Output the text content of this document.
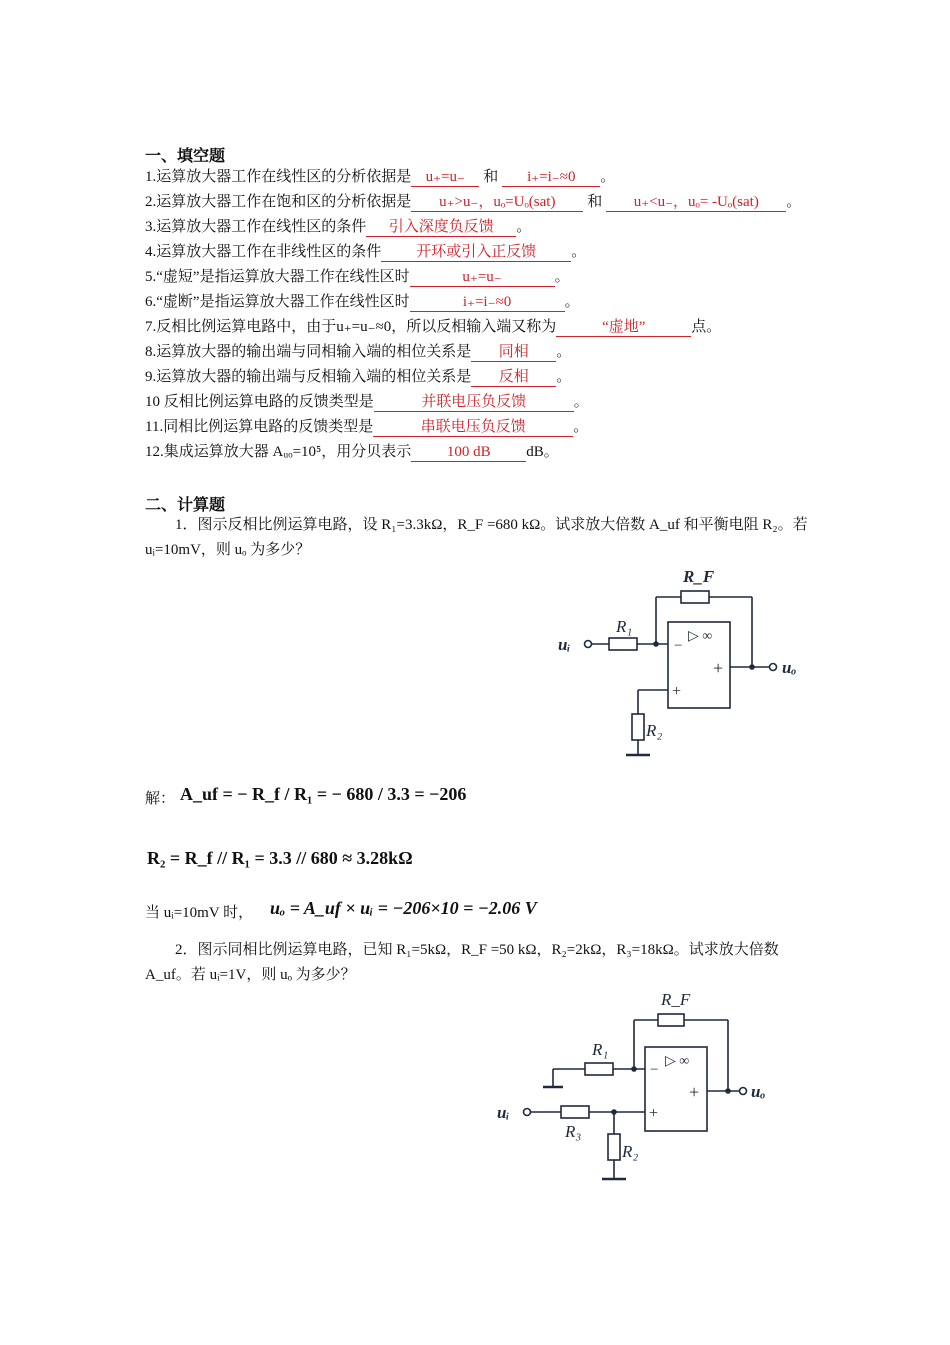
一、填空题
1.运算放大器工作在线性区的分析依据是 u₊=u₋ 和 i₊=i₋≈0 。
2.运算放大器工作在饱和区的分析依据是 u₊>u₋，uₒ=Uₒ(sat) 和 u₊<u₋，uₒ= -Uₒ(sat) 。
3.运算放大器工作在线性区的条件 引入深度负反馈 。
4.运算放大器工作在非线性区的条件 开环或引入正反馈 。
5.“虚短”是指运算放大器工作在线性区时	u₊=u₋	。
6.“虚断”是指运算放大器工作在线性区时	i₊=i₋≈0	。
7.反相比例运算电路中，由于u₊=u₋≈0，所以反相输入端又称为	“虚地”	点。
8.运算放大器的输出端与同相输入端的相位关系是 同相 。
9.运算放大器的输出端与反相输入端的相位关系是 反相 。
10 反相比例运算电路的反馈类型是	并联电压负反馈	。
11.同相比例运算电路的反馈类型是	串联电压负反馈	。
12.集成运算放大器 Aᵤₒ=10⁵，用分贝表示 100 dB dB。
二、计算题
1．图示反相比例运算电路，设 R₁=3.3kΩ，R_F =680 kΩ。试求放大倍数 A_uf 和平衡电阻 R₂。若 uᵢ=10mV，则 uₒ 为多少？
R_F
R₁
R₂
uᵢ
uₒ
−
+
+
▷ ∞
解： A_uf = − R_f / R₁ = − 680 / 3.3 = −206
R₂ = R_f // R₁ = 3.3 // 680 ≈ 3.28kΩ
当 uᵢ=10mV 时， uₒ = A_uf × uᵢ = −206×10 = −2.06 V
2．图示同相比例运算电路，已知 R₁=5kΩ，R_F =50 kΩ，R₂=2kΩ，R₃=18kΩ。试求放大倍数 A_uf。若 uᵢ=1V，则 uₒ 为多少？
R_F
R₁
R₃
R₂
uᵢ
uₒ
−
+
+
▷ ∞
